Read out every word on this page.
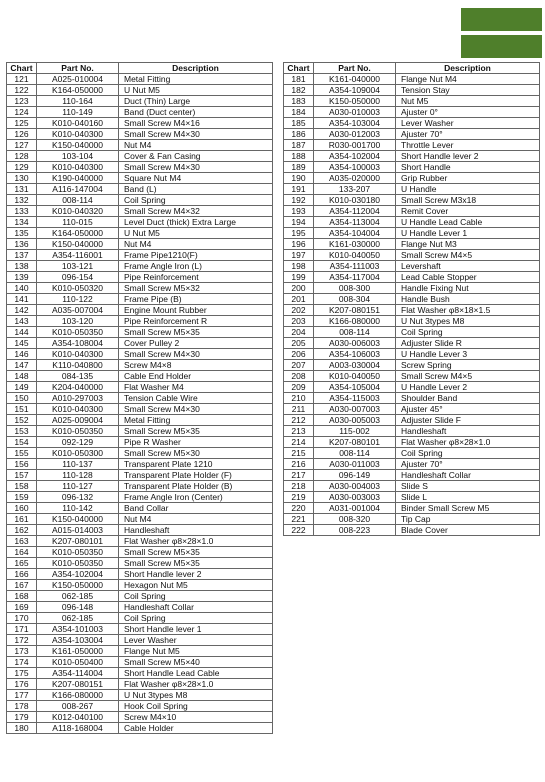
Chart	Part No.	Description
121	A025-010004	Metal Fitting
122	K164-050000	U Nut M5
123	110-164	Duct (Thin) Large
124	110-149	Band (Duct center)
125	K010-040160	Small Screw M4×16
126	K010-040300	Small Screw M4×30
127	K150-040000	Nut M4
128	103-104	Cover & Fan Casing
129	K010-040300	Small Screw M4×30
130	K190-040000	Square Nut M4
131	A116-147004	Band (L)
132	008-114	Coil Spring
133	K010-040320	Small Screw M4×32
134	110-015	Level Duct (thick) Extra Large
135	K164-050000	U Nut M5
136	K150-040000	Nut M4
137	A354-116001	Frame Pipe1210(F)
138	103-121	Frame Angle Iron (L)
139	096-154	Pipe Reinforcement
140	K010-050320	Small Screw M5×32
141	110-122	Frame Pipe (B)
142	A035-007004	Engine Mount Rubber
143	103-120	Pipe Reinforcement R
144	K010-050350	Small Screw M5×35
145	A354-108004	Cover Pulley 2
146	K010-040300	Small Screw M4×30
147	K110-040800	Screw M4×8
148	084-135	Cable End Holder
149	K204-040000	Flat Washer M4
150	A010-297003	Tension Cable Wire
151	K010-040300	Small Screw M4×30
152	A025-009004	Metal Fitting
153	K010-050350	Small Screw M5×35
154	092-129	Pipe R Washer
155	K010-050300	Small Screw M5×30
156	110-137	Transparent Plate 1210
157	110-128	Transparent Plate Holder (F)
158	110-127	Transparent Plate Holder (B)
159	096-132	Frame Angle Iron (Center)
160	110-142	Band Collar
161	K150-040000	Nut M4
162	A015-014003	Handleshaft
163	K207-080101	Flat Washer φ8×28×1.0
164	K010-050350	Small Screw M5×35
165	K010-050350	Small Screw M5×35
166	A354-102004	Short Handle lever 2
167	K150-050000	Hexagon Nut M5
168	062-185	Coil Spring
169	096-148	Handleshaft Collar
170	062-185	Coil Spring
171	A354-101003	Short Handle lever 1
172	A354-103004	Lever Washer
173	K161-050000	Flange Nut M5
174	K010-050400	Small Screw M5×40
175	A354-114004	Short Handle Lead Cable
176	K207-080151	Flat Washer φ8×28×1.0
177	K166-080000	U Nut 3types M8
178	008-267	Hook Coil Spring
179	K012-040100	Screw M4×10
180	A118-168004	Cable Holder
Chart	Part No.	Description
181	K161-040000	Flange Nut M4
182	A354-109004	Tension Stay
183	K150-050000	Nut M5
184	A030-010003	Ajuster 0°
185	A354-103004	Lever Washer
186	A030-012003	Ajuster 70°
187	R030-001700	Throttle Lever
188	A354-102004	Short Handle lever 2
189	A354-100003	Short Handle
190	A035-020000	Grip Rubber
191	133-207	U Handle
192	K010-030180	Small Screw M3x18
193	A354-112004	Remit Cover
194	A354-113004	U Handle Lead Cable
195	A354-104004	U Handle Lever 1
196	K161-030000	Flange Nut M3
197	K010-040050	Small Screw M4×5
198	A354-111003	Levershaft
199	A354-117004	Lead Cable Stopper
200	008-300	Handle Fixing Nut
201	008-304	Handle Bush
202	K207-080151	Flat Washer φ8×18×1.5
203	K166-080000	U Nut 3types M8
204	008-114	Coil Spring
205	A030-006003	Adjuster Slide R
206	A354-106003	U Handle Lever 3
207	A003-030004	Screw Spring
208	K010-040050	Small Screw M4×5
209	A354-105004	U Handle Lever 2
210	A354-115003	Shoulder Band
211	A030-007003	Ajuster 45°
212	A030-005003	Adjuster Slide F
213	115-002	Handleshaft
214	K207-080101	Flat Washer φ8×28×1.0
215	008-114	Coil Spring
216	A030-011003	Ajuster 70°
217	096-149	Handleshaft Collar
218	A030-004003	Slide S
219	A030-003003	Slide L
220	A031-001004	Binder Small Screw M5
221	008-320	Tip Cap
222	008-223	Blade Cover
